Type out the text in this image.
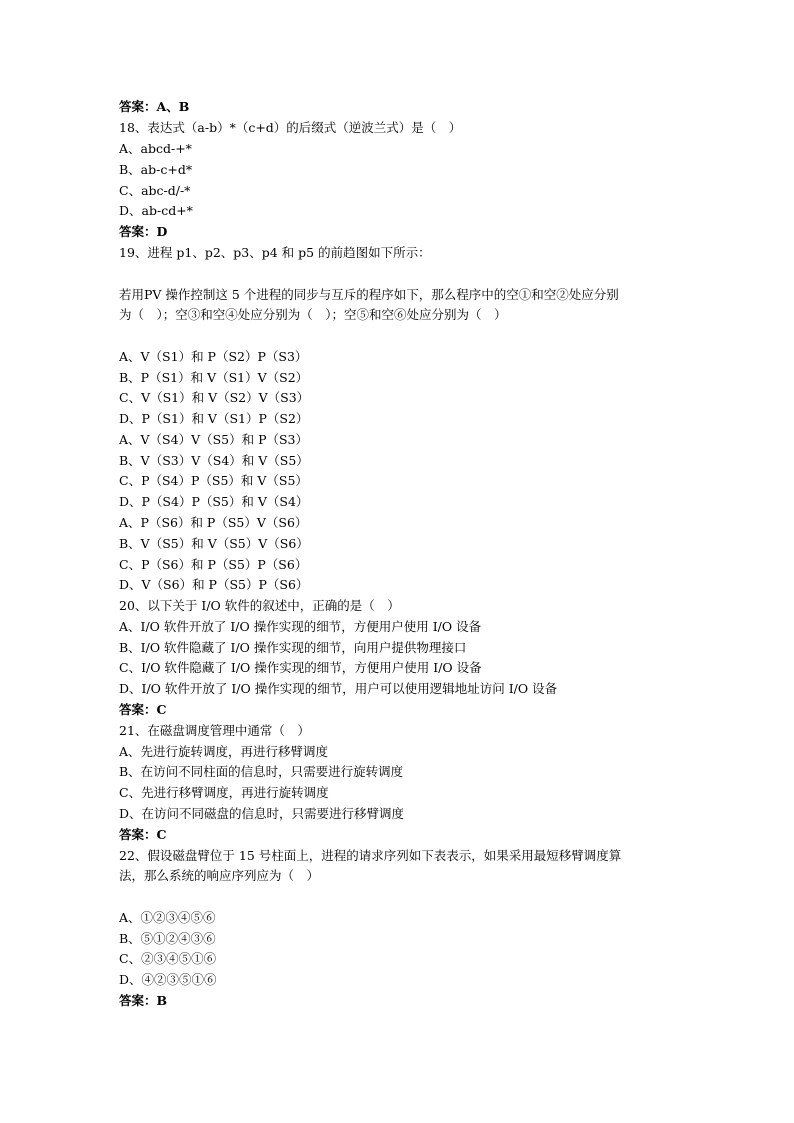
答案：A、B
18、表达式（a-b）*（c+d）的后缀式（逆波兰式）是（　）
A、abcd-+*
B、ab-c+d*
C、abc-d/-*
D、ab-cd+*
答案：D
19、进程 p1、p2、p3、p4 和 p5 的前趋图如下所示：
若用PV 操作控制这 5 个进程的同步与互斥的程序如下，那么程序中的空①和空②处应分别
为（　）；空③和空④处应分别为（　）；空⑤和空⑥处应分别为（　）
A、V（S1）和 P（S2）P（S3）
B、P（S1）和 V（S1）V（S2）
C、V（S1）和 V（S2）V（S3）
D、P（S1）和 V（S1）P（S2）
A、V（S4）V（S5）和 P（S3）
B、V（S3）V（S4）和 V（S5）
C、P（S4）P（S5）和 V（S5）
D、P（S4）P（S5）和 V（S4）
A、P（S6）和 P（S5）V（S6）
B、V（S5）和 V（S5）V（S6）
C、P（S6）和 P（S5）P（S6）
D、V（S6）和 P（S5）P（S6）
20、以下关于 I/O 软件的叙述中，正确的是（　）
A、I/O 软件开放了 I/O 操作实现的细节，方便用户使用 I/O 设备
B、I/O 软件隐藏了 I/O 操作实现的细节，向用户提供物理接口
C、I/O 软件隐藏了 I/O 操作实现的细节，方便用户使用 I/O 设备
D、I/O 软件开放了 I/O 操作实现的细节，用户可以使用逻辑地址访问 I/O 设备
答案：C
21、在磁盘调度管理中通常（　）
A、先进行旋转调度，再进行移臂调度
B、在访问不同柱面的信息时，只需要进行旋转调度
C、先进行移臂调度，再进行旋转调度
D、在访问不同磁盘的信息时，只需要进行移臂调度
答案：C
22、假设磁盘臂位于 15 号柱面上，进程的请求序列如下表表示，如果采用最短移臂调度算
法，那么系统的响应序列应为（　）
A、①②③④⑤⑥
B、⑤①②④③⑥
C、②③④⑤①⑥
D、④②③⑤①⑥
答案：B
